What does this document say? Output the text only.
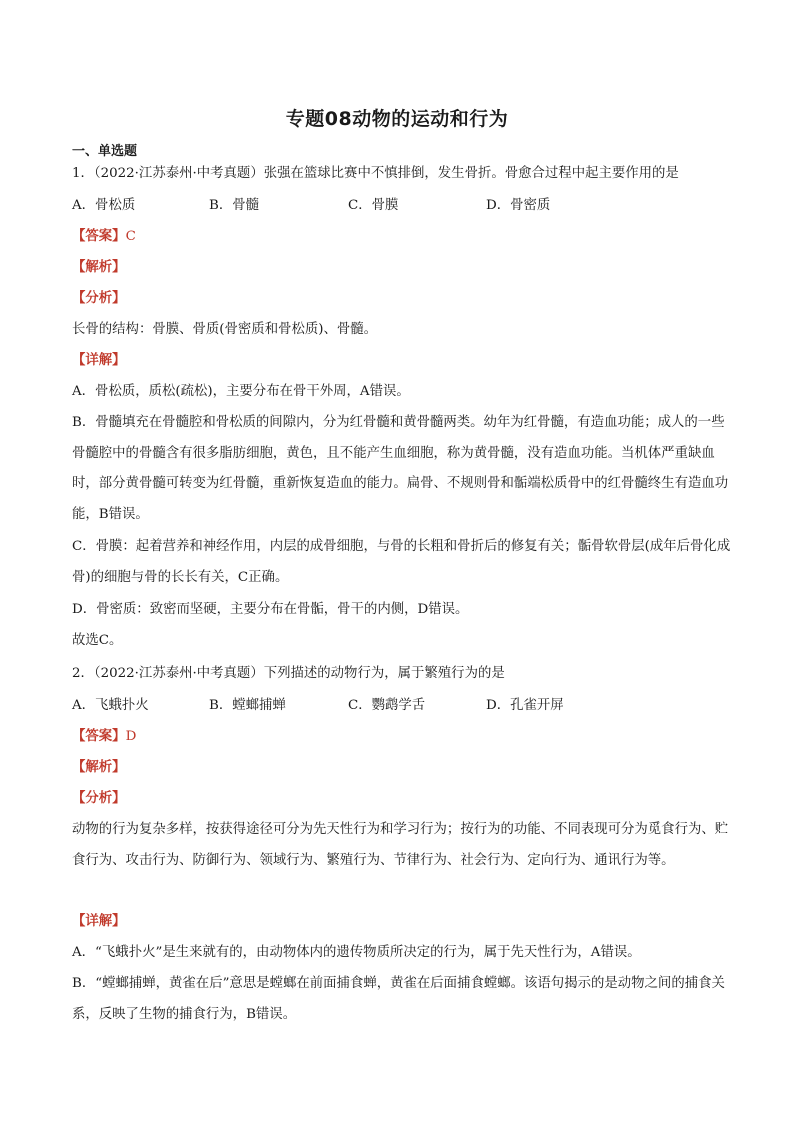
专题08动物的运动和行为
一、单选题
1．（2022·江苏泰州·中考真题）张强在篮球比赛中不慎排倒，发生骨折。骨愈合过程中起主要作用的是
A．骨松质	B．骨髓	C．骨膜	D．骨密质
【答案】C
【解析】
【分析】
长骨的结构：骨膜、骨质(骨密质和骨松质)、骨髓。
【详解】
A．骨松质，质松(疏松)，主要分布在骨干外周，A错误。
B．骨髓填充在骨髓腔和骨松质的间隙内，分为红骨髓和黄骨髓两类。幼年为红骨髓，有造血功能；成人的一些骨髓腔中的骨髓含有很多脂肪细胞，黄色，且不能产生血细胞，称为黄骨髓，没有造血功能。当机体严重缺血时，部分黄骨髓可转变为红骨髓，重新恢复造血的能力。扁骨、不规则骨和骺端松质骨中的红骨髓终生有造血功能，B错误。
C．骨膜：起着营养和神经作用，内层的成骨细胞，与骨的长粗和骨折后的修复有关；骺骨软骨层(成年后骨化成骨)的细胞与骨的长长有关，C正确。
D．骨密质：致密而坚硬，主要分布在骨骺，骨干的内侧，D错误。
故选C。
2．（2022·江苏泰州·中考真题）下列描述的动物行为，属于繁殖行为的是
A．飞蛾扑火	B．螳螂捕蝉	C．鹦鹉学舌	D．孔雀开屏
【答案】D
【解析】
【分析】
动物的行为复杂多样，按获得途径可分为先天性行为和学习行为；按行为的功能、不同表现可分为觅食行为、贮食行为、攻击行为、防御行为、领域行为、繁殖行为、节律行为、社会行为、定向行为、通讯行为等。
【详解】
A．“飞蛾扑火”是生来就有的，由动物体内的遗传物质所决定的行为，属于先天性行为，A错误。
B．“螳螂捕蝉，黄雀在后”意思是螳螂在前面捕食蝉，黄雀在后面捕食螳螂。该语句揭示的是动物之间的捕食关系，反映了生物的捕食行为，B错误。
